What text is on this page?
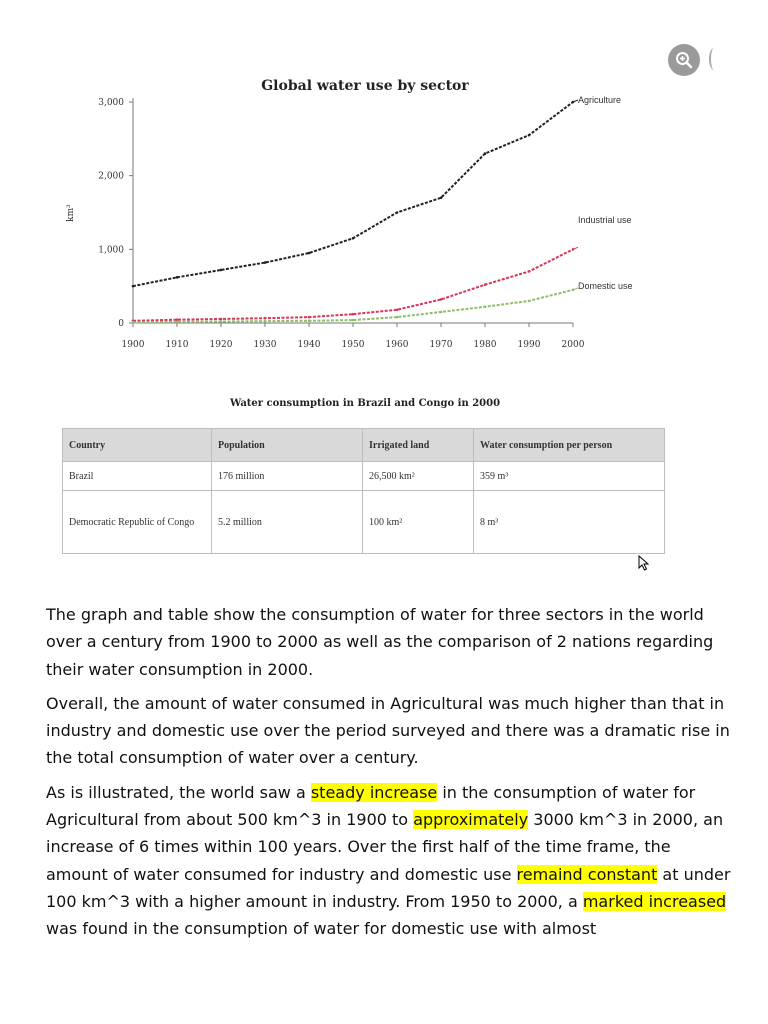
Global water use by sector
0
1,000
2,000
3,000
km³
1900 1910 1920 1930 1940 1950 1960 1970 1980 1990 2000
Agriculture
Industrial use
Domestic use
Water consumption in Brazil and Congo in 2000
Country	Population	Irrigated land	Water consumption per person
Brazil	176 million	26,500 km²	359 m³
Democratic Republic of Congo	5.2 million	100 km²	8 m³

The graph and table show the consumption of water for three sectors in the world over a century from 1900 to 2000 as well as the comparison of 2 nations regarding their water consumption in 2000.

Overall, the amount of water consumed in Agricultural was much higher than that in industry and domestic use over the period surveyed and there was a dramatic rise in the total consumption of water over a century.

As is illustrated, the world saw a steady increase in the consumption of water for Agricultural from about 500 km^3 in 1900 to approximately 3000 km^3 in 2000, an increase of 6 times within 100 years. Over the first half of the time frame, the amount of water consumed for industry and domestic use remaind constant at under 100 km^3 with a higher amount in industry. From 1950 to 2000, a marked increased was found in the consumption of water for domestic use with almost
